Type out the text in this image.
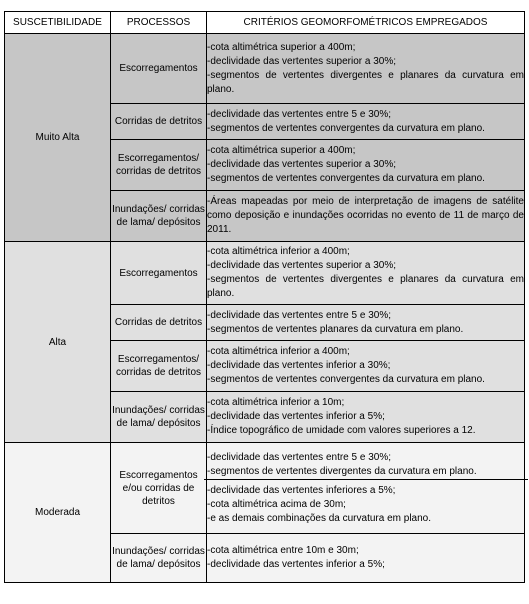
SUSCETIBILIDADE	PROCESSOS	CRITÉRIOS GEOMORFOMÉTRICOS EMPREGADOS
Muito Alta	Escorregamentos	-cota altimétrica superior a 400m;

-declividade das vertentes superior a 30%;

-segmentos de vertentes divergentes e planares da curvatura em plano.

	Corridas de detritos	-declividade das vertentes entre 5 e 30%;

-segmentos de vertentes convergentes da curvatura em plano.

	Escorregamentos/ corridas de detritos	-cota altimétrica superior a 400m;

-declividade das vertentes superior a 30%;

-segmentos de vertentes convergentes da curvatura em plano.

	Inundações/ corridas de lama/ depósitos	-Áreas mapeadas por meio de interpretação de imagens de satélite como deposição e inundações ocorridas no evento de 11 de março de 2011.

Alta	Escorregamentos	-cota altimétrica inferior a 400m;

-declividade das vertentes superior a 30%;

-segmentos de vertentes divergentes e planares da curvatura em plano.

	Corridas de detritos	-declividade das vertentes entre 5 e 30%;

-segmentos de vertentes planares da curvatura em plano.

	Escorregamentos/ corridas de detritos	-cota altimétrica inferior a 400m;

-declividade das vertentes inferior a 30%;

-segmentos de vertentes convergentes da curvatura em plano.

	Inundações/ corridas de lama/ depósitos	-cota altimétrica inferior a 10m;

-declividade das vertentes inferior a 5%;

-Índice topográfico de umidade com valores superiores a 12.

Moderada	Escorregamentos e/ou corridas de detritos	-declividade das vertentes entre 5 e 30%;

-segmentos de vertentes divergentes da curvatura em plano.

-declividade das vertentes inferiores a 5%;

-cota altimétrica acima de 30m;

-e as demais combinações da curvatura em plano.

	Inundações/ corridas de lama/ depósitos	-cota altimétrica entre 10m e 30m;

-declividade das vertentes inferior a 5%;
